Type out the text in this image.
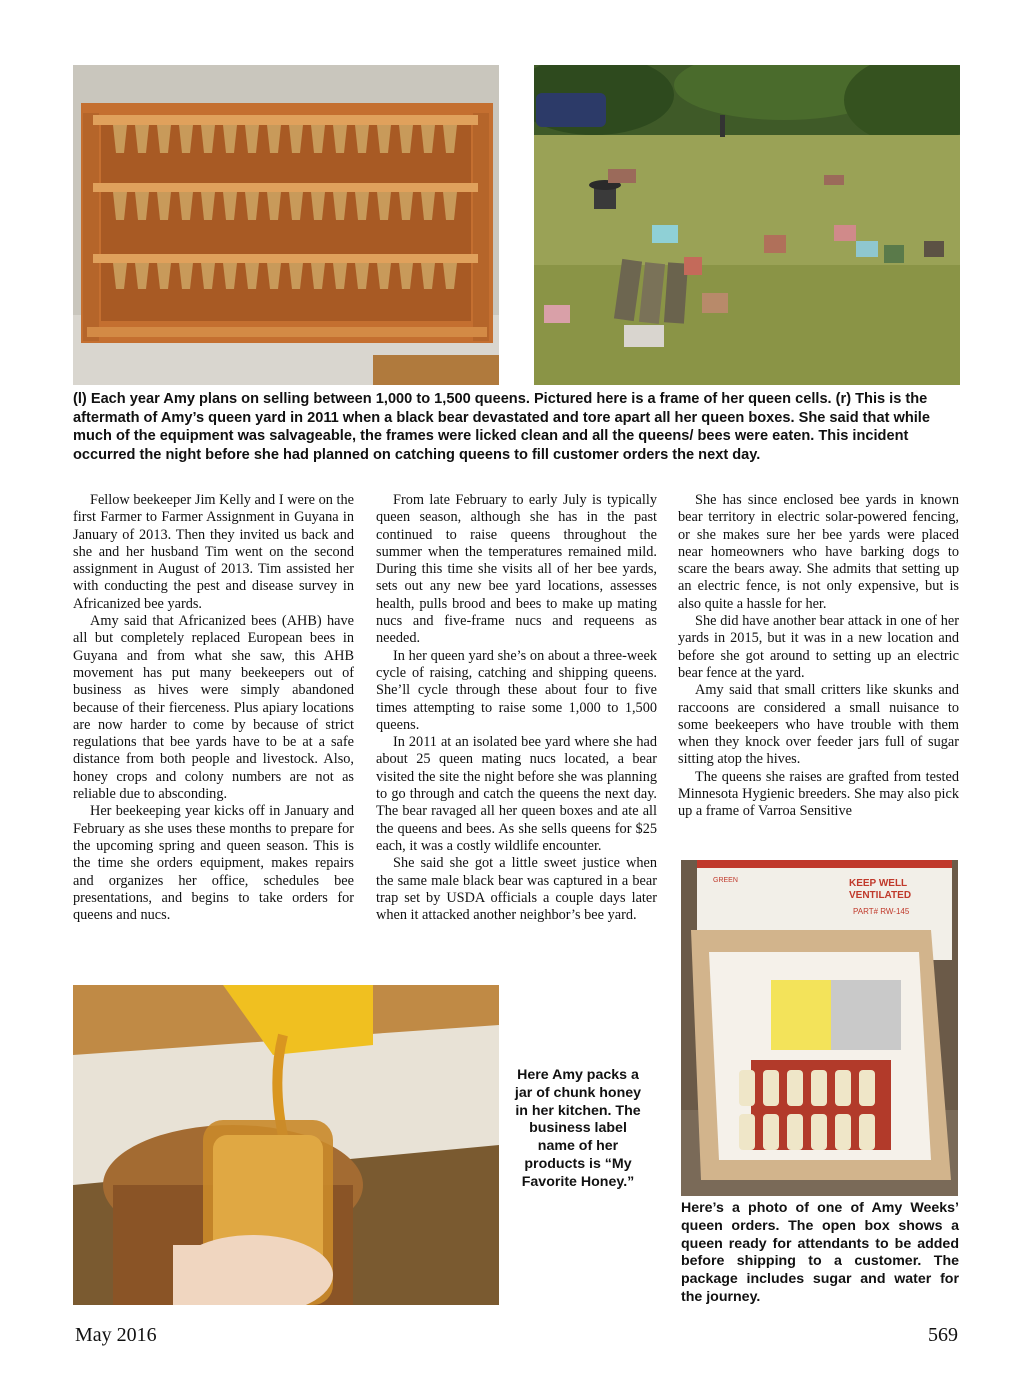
(l) Each year Amy plans on selling between 1,000 to 1,500 queens. Pictured here is a frame of her queen cells. (r) This is the aftermath of Amy’s queen yard in 2011 when a black bear devastated and tore apart all her queen boxes. She said that while much of the equipment was salvageable, the frames were licked clean and all the queens/ bees were eaten. This incident occurred the night before she had planned on catching queens to fill customer orders the next day.

Fellow beekeeper Jim Kelly and I were on the first Farmer to Farmer Assignment in Guyana in January of 2013. Then they invited us back and she and her husband Tim went on the second assignment in August of 2013. Tim assisted her with conducting the pest and disease survey in Africanized bee yards.

Amy said that Africanized bees (AHB) have all but completely replaced European bees in Guyana and from what she saw, this AHB movement has put many beekeepers out of business as hives were simply abandoned because of their fierceness. Plus apiary locations are now harder to come by because of strict regulations that bee yards have to be at a safe distance from both people and livestock. Also, honey crops and colony numbers are not as reliable due to absconding.

Her beekeeping year kicks off in January and February as she uses these months to prepare for the upcoming spring and queen season. This is the time she orders equipment, makes repairs and organizes her office, schedules bee presentations, and begins to take orders for queens and nucs.

From late February to early July is typically queen season, although she has in the past continued to raise queens throughout the summer when the temperatures remained mild. During this time she visits all of her bee yards, sets out any new bee yard locations, assesses health, pulls brood and bees to make up mating nucs and five-frame nucs and requeens as needed.

In her queen yard she’s on about a three-week cycle of raising, catching and shipping queens. She’ll cycle through these about four to five times attempting to raise some 1,000 to 1,500 queens.

In 2011 at an isolated bee yard where she had about 25 queen mating nucs located, a bear visited the site the night before she was planning to go through and catch the queens the next day. The bear ravaged all her queen boxes and ate all the queens and bees. As she sells queens for $25 each, it was a costly wildlife encounter.

She said she got a little sweet justice when the same male black bear was captured in a bear trap set by USDA officials a couple days later when it attacked another neighbor’s bee yard.

She has since enclosed bee yards in known bear territory in electric solar-powered fencing, or she makes sure her bee yards were placed near homeowners who have barking dogs to scare the bears away. She admits that setting up an electric fence, is not only expensive, but is also quite a hassle for her.

She did have another bear attack in one of her yards in 2015, but it was in a new location and before she got around to setting up an electric bear fence at the yard.

Amy said that small critters like skunks and raccoons are considered a small nuisance to some beekeepers who have trouble with them when they knock over feeder jars full of sugar sitting atop the hives.

The queens she raises are grafted from tested Minnesota Hygienic breeders. She may also pick up a frame of Varroa Sensitive

GREEN	KEEP WELL
VENTILATED
PART# RW-145
Here Amy packs a jar of chunk honey in her kitchen. The business label name of her products is “My Favorite Honey.”
Here’s a photo of one of Amy Weeks’ queen orders. The open box shows a queen ready for attendants to be added before shipping to a customer. The package includes sugar and water for the journey.
May 2016	569
